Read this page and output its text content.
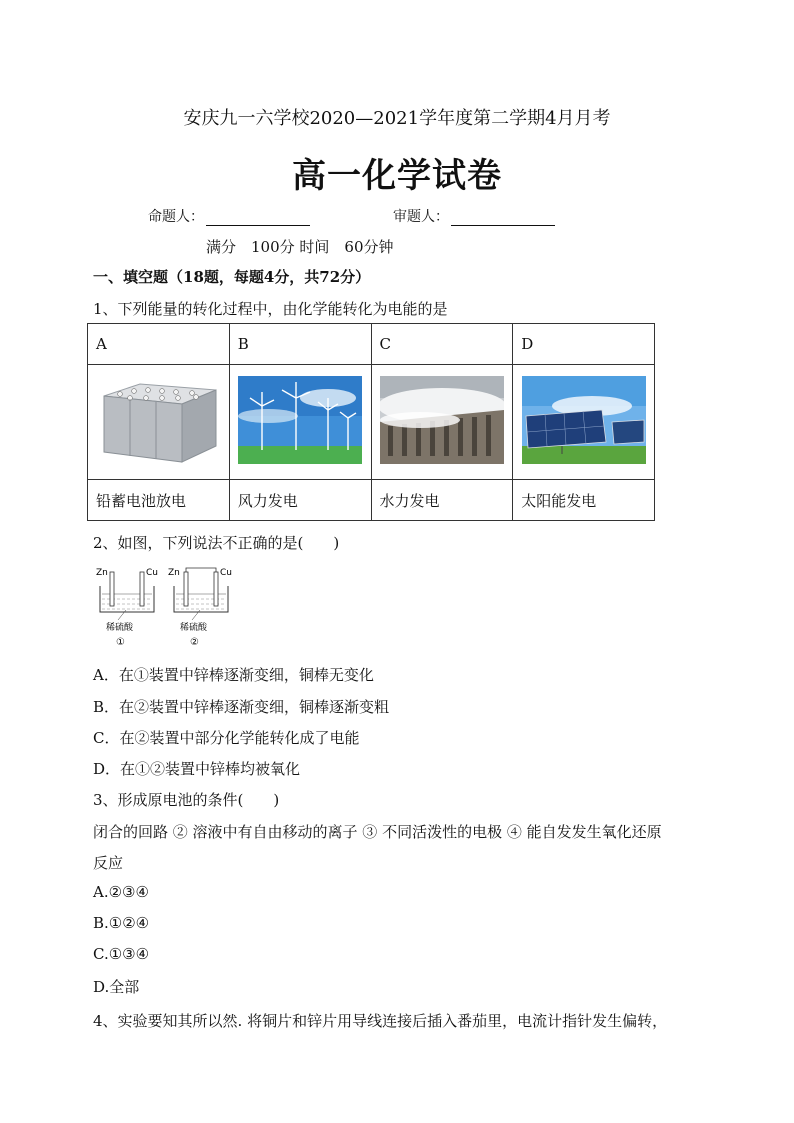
安庆九一六学校2020—2021学年度第二学期4月月考
高一化学试卷
命题人：	审题人：
满分　100分 时间　60分钟
一、填空题（18题，每题4分，共72分）
1、下列能量的转化过程中，由化学能转化为电能的是
A	B	C	D

铅蓄电池放电	风力发电	水力发电	太阳能发电
2、如图，下列说法不正确的是(　　)
Zn	Cu Zn	Cu
稀硫酸	稀硫酸
①	②
A．在①装置中锌棒逐渐变细，铜棒无变化
B．在②装置中锌棒逐渐变细，铜棒逐渐变粗
C．在②装置中部分化学能转化成了电能
D．在①②装置中锌棒均被氧化
3、形成原电池的条件(　　)
闭合的回路 ② 溶液中有自由移动的离子 ③ 不同活泼性的电极 ④ 能自发发生氧化还原
反应
A.②③④
B.①②④
C.①③④
D.全部
4、实验要知其所以然. 将铜片和锌片用导线连接后插入番茄里，电流计指针发生偏转，
